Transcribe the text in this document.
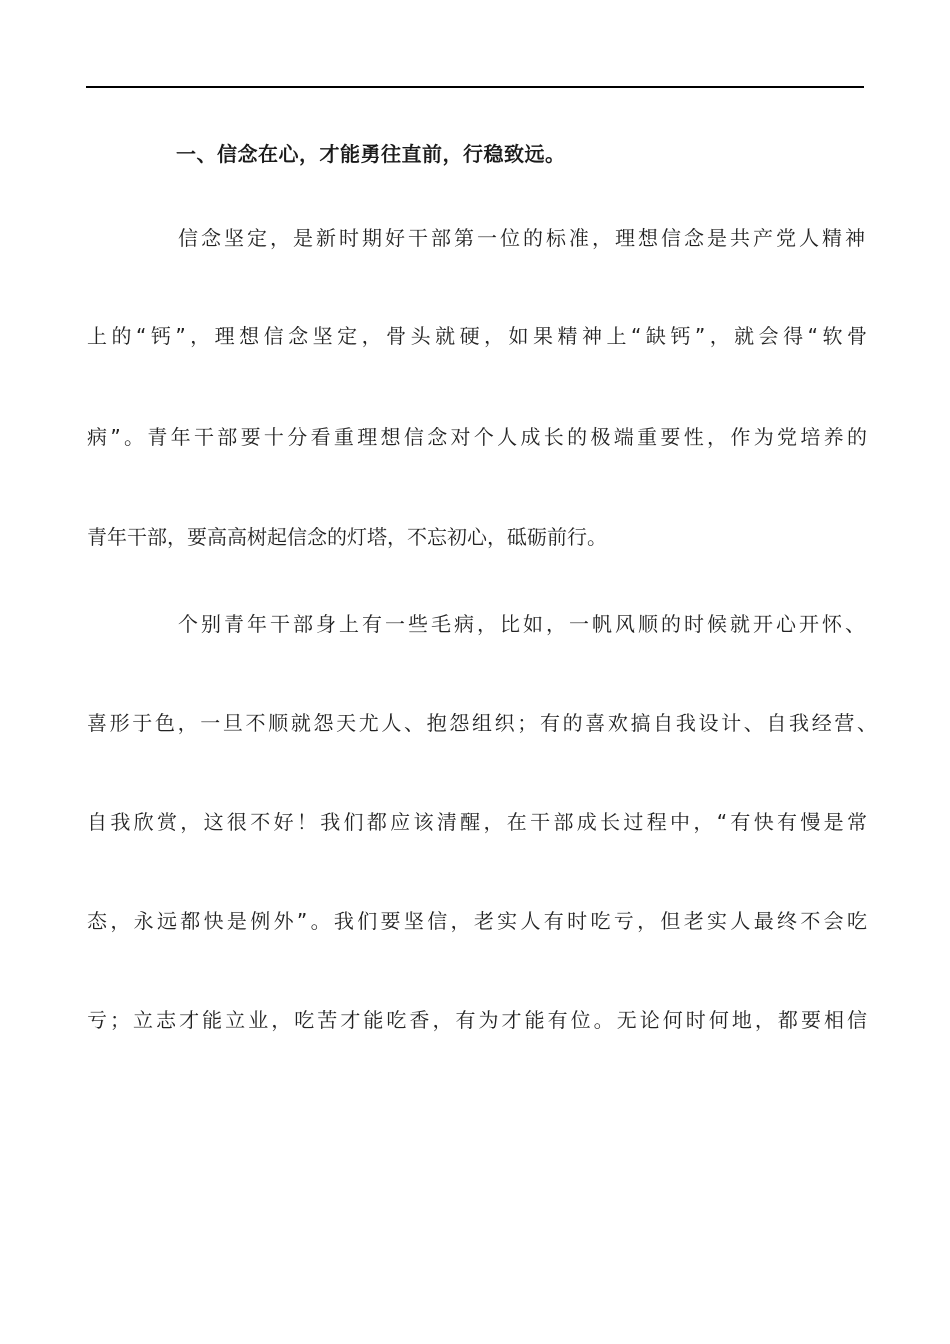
一、信念在心，才能勇往直前，行稳致远。
信念坚定，是新时期好干部第一位的标准，理想信念是共产党人精神
上的“钙”，理想信念坚定，骨头就硬，如果精神上“缺钙”，就会得“软骨
病”。青年干部要十分看重理想信念对个人成长的极端重要性，作为党培养的
青年干部，要高高树起信念的灯塔，不忘初心，砥砺前行。
个别青年干部身上有一些毛病，比如，一帆风顺的时候就开心开怀、
喜形于色，一旦不顺就怨天尤人、抱怨组织；有的喜欢搞自我设计、自我经营、
自我欣赏，这很不好！我们都应该清醒，在干部成长过程中，“有快有慢是常
态，永远都快是例外”。我们要坚信，老实人有时吃亏，但老实人最终不会吃
亏；立志才能立业，吃苦才能吃香，有为才能有位。无论何时何地，都要相信
